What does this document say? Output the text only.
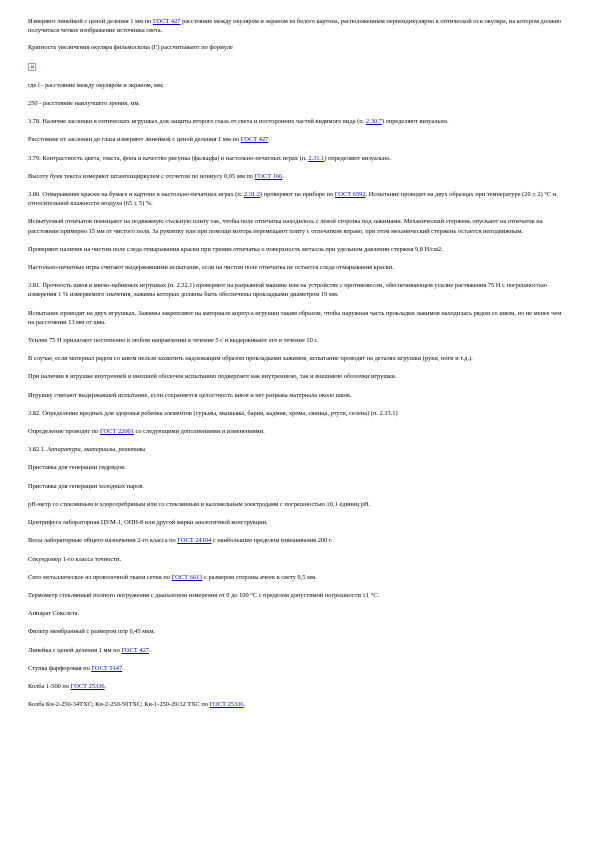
Измеряют линейкой с ценой деления 1 мм по ГОСТ 427 расстояние между окуляром и экраном из белого картона, расположенным перпендикулярно к оптической оси окуляра, на котором должно получиться четкое изображение источника света.

Кратность увеличения окуляра фильмоскопа (Г) рассчитывают по формуле

где l - расстояние между окуляром и экраном, мм;

250 - расстояние наилучшего зрения, мм.

3.78. Наличие заслонки в оптических игрушках для защиты второго глаза от света и посторонних частей видимого вида (п. 2.30.7) определяют визуально.

Расстояние от заслонки до глаза измеряют линейкой с ценой деления 1 мм по ГОСТ 427.

3.79. Контрастность цвета, текста, фона и качество рисунка (фальцфа) в настольно-печатных играх (п. 2.31.1) определяют визуально.

Высоту букв текста измеряют штангенциркулем с отсчетом по нониусу 0,05 мм по ГОСТ 166.

3.80. Отмарывание краски на бумаге и картоне в настольно-печатных играх (п. 2.31.2) проверяют на приборе по ГОСТ 6592. Испытание проводят на двух образцах при температуре (20 ± 2) °С и относительной влажности воздуха (65 ± 5) %.

Испытуемый отпечаток помещают на подвижную стальную плиту так, чтобы поле отпечатка находилось с левой стороны под зажимами. Механический стержень опускают на отпечаток на расстоянии примерно 15 мм от чистого поля. За рукоятку или при помощи мотора перемещают плиту с отпечатком вправо, при этом механический стержень остается неподвижным.

Проверяют наличие на чистом поле следа отмарывания краски при трении отпечатка о поверхность металла при удельном давлении стержня 9,8 Н/см2.

Настольно-печатные игры считают выдержавшими испытание, если на чистом поле отпечатка не остается следа отмарывания краски.

3.81. Прочность швов в мягко-набивных игрушках (п. 2.32.1) проверяют на разрывной машине или на устройстве с противовесом, обеспечивающем усилие растяжения 75 Н с погрешностью измерения 1 % измеряемого значения, зажимы которых должны быть обеспечены прокладками диаметром 19 мм.

Испытание проводят на двух игрушках. Зажимы закрепляют на материале корпуса игрушки таким образом, чтобы наружная часть прокладки зажимов находилась рядом со швом, но не менее чем на расстоянии 13 мм от шва.

Усилие 75 Н прилагают постепенно в любом направлении в течение 5 с и выдерживают его в течение 10 с.

В случае, если материал рядом со швом нельзя захватить надлежащим образом прокладками зажимов, испытание проводят на деталях игрушки (руки, ноги и т.д.).

При наличии в игрушке внутренней и внешней оболочек испытанию подвергают как внутреннюю, так и внешнюю оболочки игрушки.

Игрушку считают выдержавшей испытание, если сохраняется целостность швов и нет разрыва материала около швов.

3.82. Определение вредных для здоровья ребенка элементов (сурьмы, мышьяка, бария, кадмия, хрома, свинца, ртути, селена) (п. 2.33.1)

Определение проводят по ГОСТ 22001 со следующими дополнениями и изменениями.

3.82.1. Аппаратура, материалы, реактивы

Приставка для генерации гидридов.

Приставка для генерации холодных паров.

pH-метр со стеклянным и хлорсеребряным или со стеклянным и каломельным электродами с погрешностью ±0,1 единиц pH.

Центрифуга лабораторная ЦУМ-1, ОПН-8 или другой марки аналогичной конструкции.

Весы лабораторные общего назначения 2-го класса по ГОСТ 24104 с наибольшим пределом взвешивания 200 г.

Секундомер 1-го класса точности.

Сито металлическое из проволочной ткани сетки по ГОСТ 6613 с размером стороны ячеек в свету 0,5 мм.

Термометр стеклянный полного погружения с диапазоном измерения от 0 до 100 °С с пределом допустимой погрешности ±1 °С.

Аппарат Сокслета.

Фильтр мембранный с размером пор 0,45 мкм.

Линейка с ценой деления 1 мм по ГОСТ 427.

Ступка фарфоровая по ГОСТ 9147.

Колба 1-500 по ГОСТ 25336.

Колба Кн-2-250-34ТХС; Кн-2-250-50ТХС; Кн-1-250-29/32 ТХС по ГОСТ 25336.
